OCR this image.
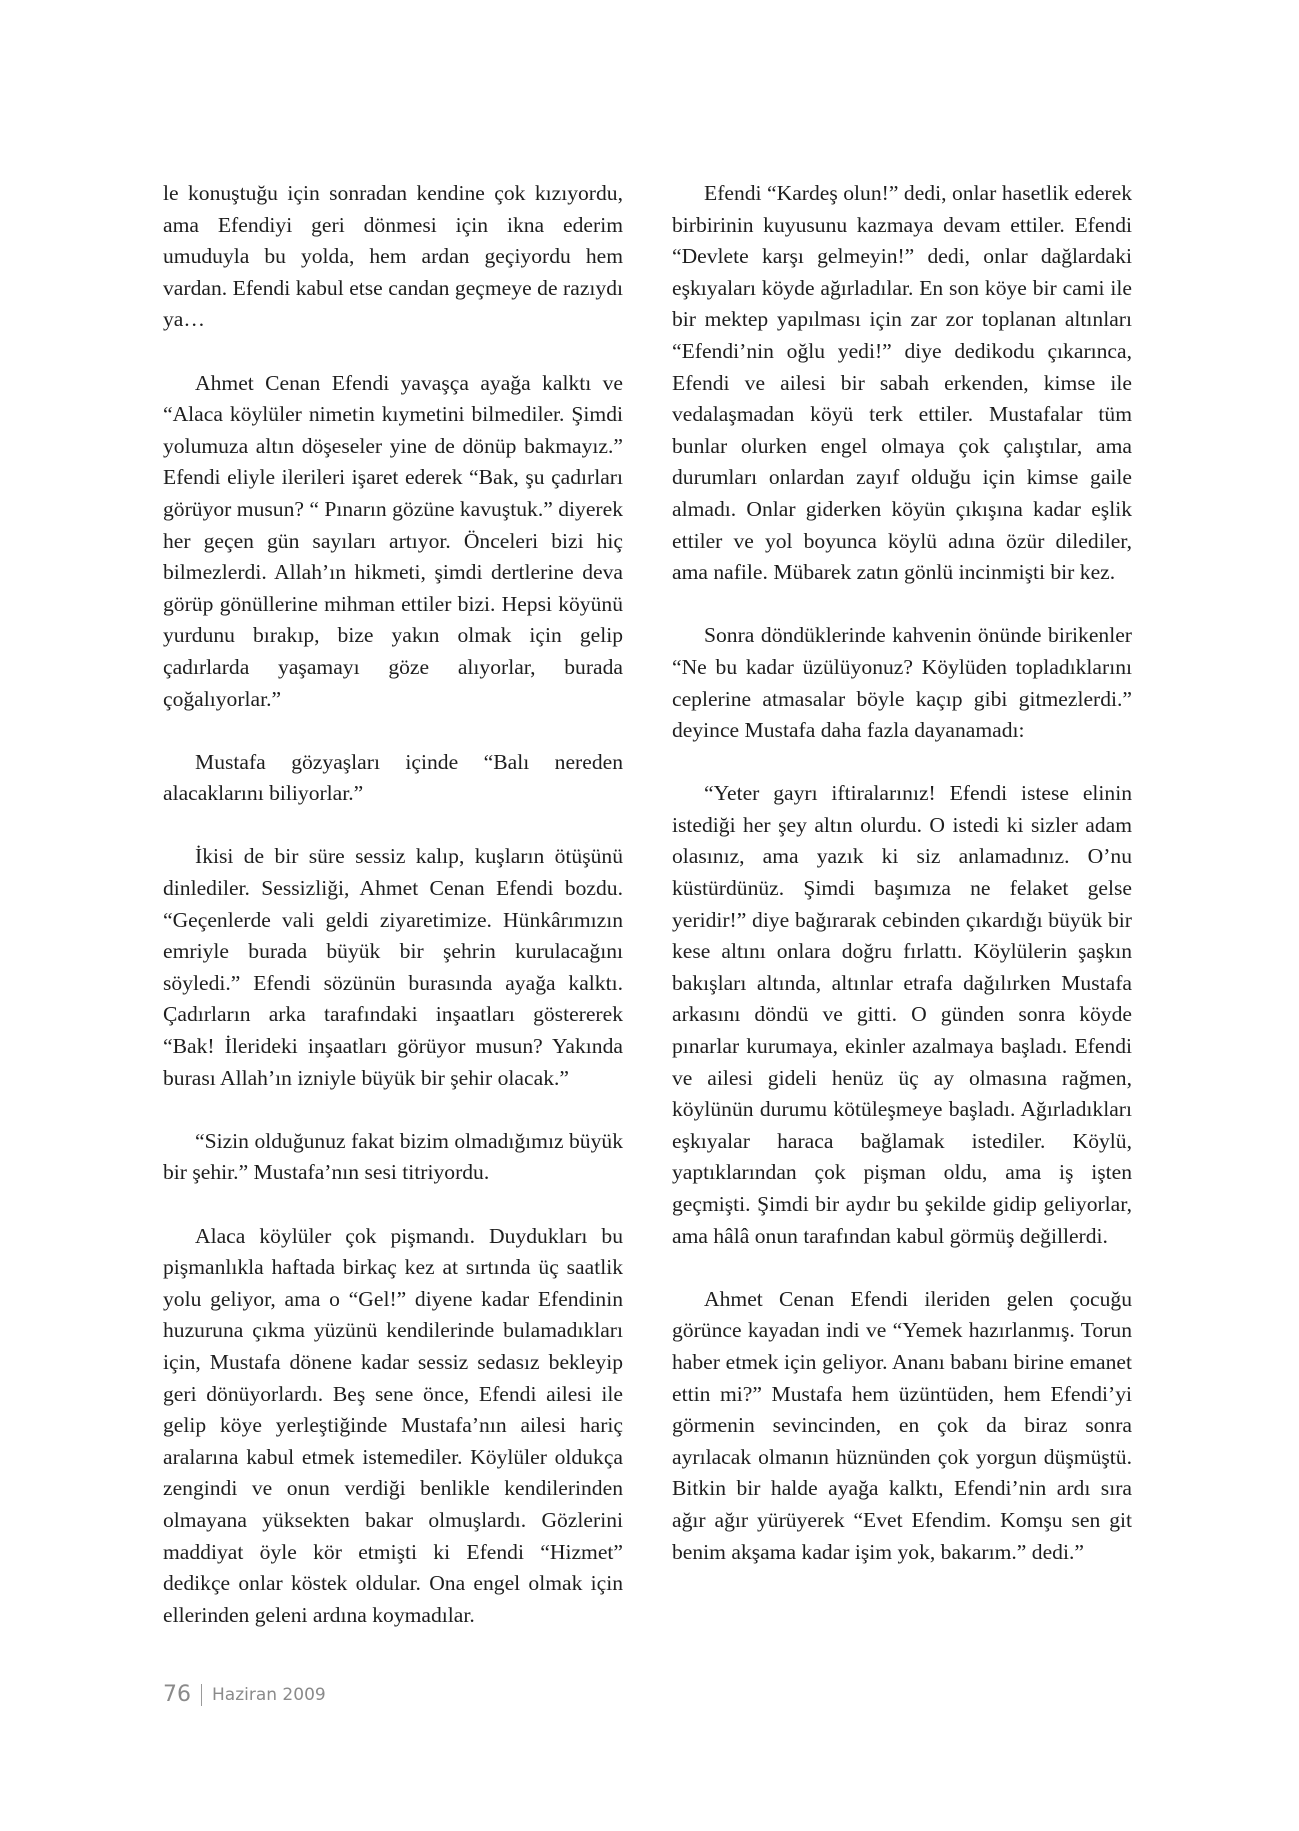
le konuştuğu için sonradan kendine çok kızıyordu, ama Efendiyi geri dönmesi için ikna ederim umuduyla bu yolda, hem ardan geçiyordu hem vardan. Efendi kabul etse candan geçmeye de razıydı ya…

Ahmet Cenan Efendi yavaşça ayağa kalktı ve “Alaca köylüler nimetin kıymetini bilmediler. Şimdi yolumuza altın döşeseler yine de dönüp bakmayız.” Efendi eliyle ilerileri işaret ederek “Bak, şu çadırları görüyor musun? “ Pınarın gözüne kavuştuk.” diyerek her geçen gün sayıları artıyor. Önceleri bizi hiç bilmezlerdi. Allah’ın hikmeti, şimdi dertlerine deva görüp gönüllerine mihman ettiler bizi. Hepsi köyünü yurdunu bırakıp, bize yakın olmak için gelip çadırlarda yaşamayı göze alıyorlar, burada çoğalıyorlar.”

Mustafa gözyaşları içinde “Balı nereden alacaklarını biliyorlar.”

İkisi de bir süre sessiz kalıp, kuşların ötüşünü dinlediler. Sessizliği, Ahmet Cenan Efendi bozdu. “Geçenlerde vali geldi ziyaretimize. Hünkârımızın emriyle burada büyük bir şehrin kurulacağını söyledi.” Efendi sözünün burasında ayağa kalktı. Çadırların arka tarafındaki inşaatları göstererek “Bak! İlerideki inşaatları görüyor musun? Yakında burası Allah’ın izniyle büyük bir şehir olacak.”

“Sizin olduğunuz fakat bizim olmadığımız büyük bir şehir.” Mustafa’nın sesi titriyordu.

Alaca köylüler çok pişmandı. Duydukları bu pişmanlıkla haftada birkaç kez at sırtında üç saatlik yolu geliyor, ama o “Gel!” diyene kadar Efendinin huzuruna çıkma yüzünü kendilerinde bulamadıkları için, Mustafa dönene kadar sessiz sedasız bekleyip geri dönüyorlardı. Beş sene önce, Efendi ailesi ile gelip köye yerleştiğinde Mustafa’nın ailesi hariç aralarına kabul etmek istemediler. Köylüler oldukça zengindi ve onun verdiği benlikle kendilerinden olmayana yüksekten bakar olmuşlardı. Gözlerini maddiyat öyle kör etmişti ki Efendi “Hizmet” dedikçe onlar köstek oldular. Ona engel olmak için ellerinden geleni ardına koymadılar.

Efendi “Kardeş olun!” dedi, onlar hasetlik ederek birbirinin kuyusunu kazmaya devam ettiler. Efendi “Devlete karşı gelmeyin!” dedi, onlar dağlardaki eşkıyaları köyde ağırladılar. En son köye bir cami ile bir mektep yapılması için zar zor toplanan altınları “Efendi’nin oğlu yedi!” diye dedikodu çıkarınca, Efendi ve ailesi bir sabah erkenden, kimse ile vedalaşmadan köyü terk ettiler. Mustafalar tüm bunlar olurken engel olmaya çok çalıştılar, ama durumları onlardan zayıf olduğu için kimse gaile almadı. Onlar giderken köyün çıkışına kadar eşlik ettiler ve yol boyunca köylü adına özür dilediler, ama nafile. Mübarek zatın gönlü incinmişti bir kez.

Sonra döndüklerinde kahvenin önünde birikenler “Ne bu kadar üzülüyonuz? Köylüden topladıklarını ceplerine atmasalar böyle kaçıp gibi gitmezlerdi.” deyince Mustafa daha fazla dayanamadı:

“Yeter gayrı iftiralarınız! Efendi istese elinin istediği her şey altın olurdu. O istedi ki sizler adam olasınız, ama yazık ki siz anlamadınız. O’nu küstürdünüz. Şimdi başımıza ne felaket gelse yeridir!” diye bağırarak cebinden çıkardığı büyük bir kese altını onlara doğru fırlattı. Köylülerin şaşkın bakışları altında, altınlar etrafa dağılırken Mustafa arkasını döndü ve gitti. O günden sonra köyde pınarlar kurumaya, ekinler azalmaya başladı. Efendi ve ailesi gideli henüz üç ay olmasına rağmen, köylünün durumu kötüleşmeye başladı. Ağırladıkları eşkıyalar haraca bağlamak istediler. Köylü, yaptıklarından çok pişman oldu, ama iş işten geçmişti. Şimdi bir aydır bu şekilde gidip geliyorlar, ama hâlâ onun tarafından kabul görmüş değillerdi.

Ahmet Cenan Efendi ileriden gelen çocuğu görünce kayadan indi ve “Yemek hazırlanmış. Torun haber etmek için geliyor. Ananı babanı birine emanet ettin mi?” Mustafa hem üzüntüden, hem Efendi’yi görmenin sevincinden, en çok da biraz sonra ayrılacak olmanın hüznünden çok yorgun düşmüştü. Bitkin bir halde ayağa kalktı, Efendi’nin ardı sıra ağır ağır yürüyerek “Evet Efendim. Komşu sen git benim akşama kadar işim yok, bakarım.” dedi.”

76 Haziran 2009
